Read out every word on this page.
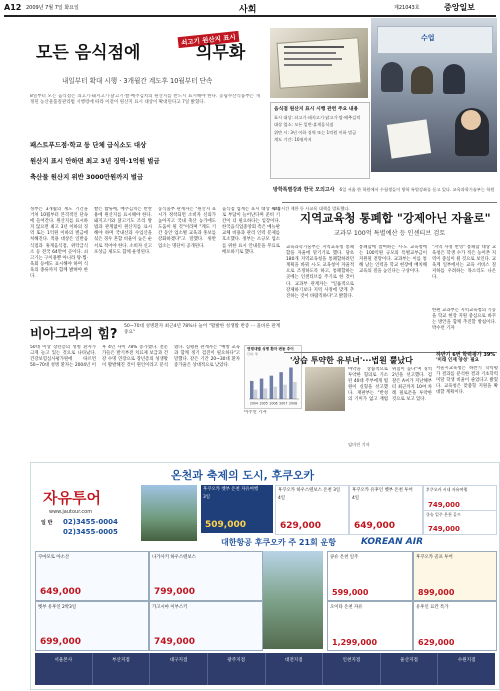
A12 2009년 7월 7일 화요일	사회	제21043호	중앙일보
모든 음식점에
쇠고기 원산지 표시
의무화
내일부터 확대 시행 · 3개월간 계도후 10월부터 단속
8일부터 모든 음식점은 쇠고기·돼지고기·닭고기·쌀·배추김치의 원산지를 반드시 표시해야 한다. 농림수산식품부는 개정된 농산물품질관리법 시행령에 따라 이같이 원산지 표시 대상이 확대된다고 7일 밝혔다.
패스트푸드점·학교 등 단체 급식소도 대상
원산지 표시 안하면 최고 3년 징역·1억원 벌금
축산물 원산지 위반 3000만원까지 벌금
정부는 3개월의 계도 기간을 거쳐 10월부터 본격적인 단속에 들어간다. 원산지를 표시하지 않으면 최고 3년 이하의 징역 또는 1억원 이하의 벌금에 처해진다. 적용 대상은 일반음식점과 휴게음식점, 위탁급식소 등 전국 64만여 곳이다. 쇠고기는 구이용뿐 아니라 탕·찜·육회 등에도 표시해야 하며 식육의 종류까지 함께 밝혀야 한다.
쌀은 밥류에, 배추김치는 반찬용에 원산지를 표시해야 한다. 돼지고기와 닭고기도 조리 방법과 관계없이 원산지를 표시해야 하며 국내산과 수입산을 섞은 경우 혼합 비율이 높은 순서로 적어야 한다. 소비자 신고 포상금 제도도 함께 운영된다.
농식품부 관계자는 "원산지 표시가 정착되면 소비자 신뢰가 높아지고 국내 축산 농가에도 도움이 될 것"이라며 "계도 기간 동안 업소별 교육과 홍보를 강화하겠다"고 말했다. 위반 업소는 명단이 공개된다.
음식점 업계는 표시 대상 확대로 부담이 늘어난다며 준비 기간이 더 필요하다는 입장이다. 한국음식업중앙회 측은 메뉴판 교체 비용과 관리 인력 문제를 호소했다. 정부는 소규모 업소를 위한 표시 안내문을 무료로 배포하기로 했다.
음식점 원산지 표시 시행 관련 주요 내용
표시 대상: 쇠고기·돼지고기·닭고기·쌀·배추김치
대상 업소: 모든 일반·휴게음식점
위반 시: 3년 이하 징역 또는 1억원 이하 벌금
계도 기간: 10월까지
수업
방학특별강좌 한국 모의고사 6일 서울 한 학원에서 수험생들이 방학 특별강좌를 듣고 있다. 교육과학기술부는 학원 교습시간 제한 등 사교육 대책을 발표했다.
지역교육청 통폐합 "강제아닌 자율로"
교과부 100억 특별예산 등 인센티브 검토
교육과학기술부는 지역교육청 통폐합을 자율에 맡기기로 했다. 당초 180개 지역교육청을 통폐합하려던 계획을 바꿔 시·도 교육청이 자율적으로 조정하도록 하고, 통폐합하는 곳에는 인센티브를 주기로 한 것이다. 교과부 관계자는 "일률적으로 강제하기보다 지역 사정에 맞게 추진하는 것이 바람직하다"고 밝혔다.
통폐합에 참여하는 시·도 교육청에는 100억원 규모의 특별교부금이 지원될 전망이다. 교과부는 이를 통해 남는 인력을 학교 현장에 배치해 교육의 질을 높인다는 구상이다.
"지역 사정 반영" 통폐합 대상 교육청은 학생 수가 적은 농어촌 지역이 중심이 될 것으로 보인다. 교육계 일부에서는 교육 서비스 질 저하를 우려하는 목소리도 나온다.
한편 교과부는 지역교육청의 기능을 학교 현장 지원 중심으로 바꾸는 방안을 함께 추진할 방침이다. 박수련 기자
비아그라의 힘?
50~70대 성병환자 최근4년 78%나 늘어 "활발한 성생활 반증 ··· 올바른 관계 중요"
50대 이상 장년층의 성병 환자가 크게 늘고 있는 것으로 나타났다. 건강보험심사평가원에 따르면 50~70대 성병 환자는 2004년 이후 4년 사이 78% 증가했다. 전문가들은 발기부전 치료제 보급과 건강 수명 연장으로 장년층의 성생활이 활발해진 것이 원인이라고 분석했다. 심평원 관계자는 "예방 교육과 함께 정기 검진이 필요하다"고 말했다. 같은 기간 20~30대 환자 증가율은 상대적으로 낮았다.
연령대별 성병 환자 변동 추이
단위: 명
2004 2005 2006 2007 2008
이주연 기자
'상습 투약한 유부녀'···법원 뿔났다
마약을 상습적으로 투약한 혐의로 기소된 40대 주부에게 법원이 실형을 선고했다. 재판부는 "반성의 기미가 없고 재범 위험이 높다"며 징역 2년을 선고했다. 검찰은 A씨가 지난해부터 최근까지 10여 차례 필로폰을 투약한 것으로 보고 있다.
임미진 기자
하반기 6번 학력평가 39%
'미래 인재 양성' 필요
서울시교육청은 하반기 학력평가 결과를 분석한 결과 기초학력 미달 학생 비율이 줄었다고 밝혔다. 교육청은 맞춤형 지원을 확대할 계획이다.
온천과 축제의 도시, 후쿠오카
자유투어
www.jautour.com
일 반 02)3455-0004
02)3455-0005
후쿠오카 벳부 온천 자유여행
3일
509,000
후쿠오카 하우스텐보스 온천 3일
4일
629,000
후쿠오카 유후인 벳부 온천 투어
4일
649,000
후쿠오카 시내 자유여행
749,000
큐슈 일주 온천 골프
749,000
대한항공 후쿠오카 주 21회 운항	KOREAN AIR
쿠마모토 아소산
649,000
나가사키 하우스텐보스
799,000
벳부 유후인 2박3일
699,000
가고시마 이부스키
749,000
큐슈 온천 일주
599,000
후쿠오카 골프 투어
899,000
오이타 온천 자유
1,299,000
유후인 료칸 특가
629,000
서울본사	부산지점	대구지점	광주지점	대전지점	인천지점	울산지점	수원지점
